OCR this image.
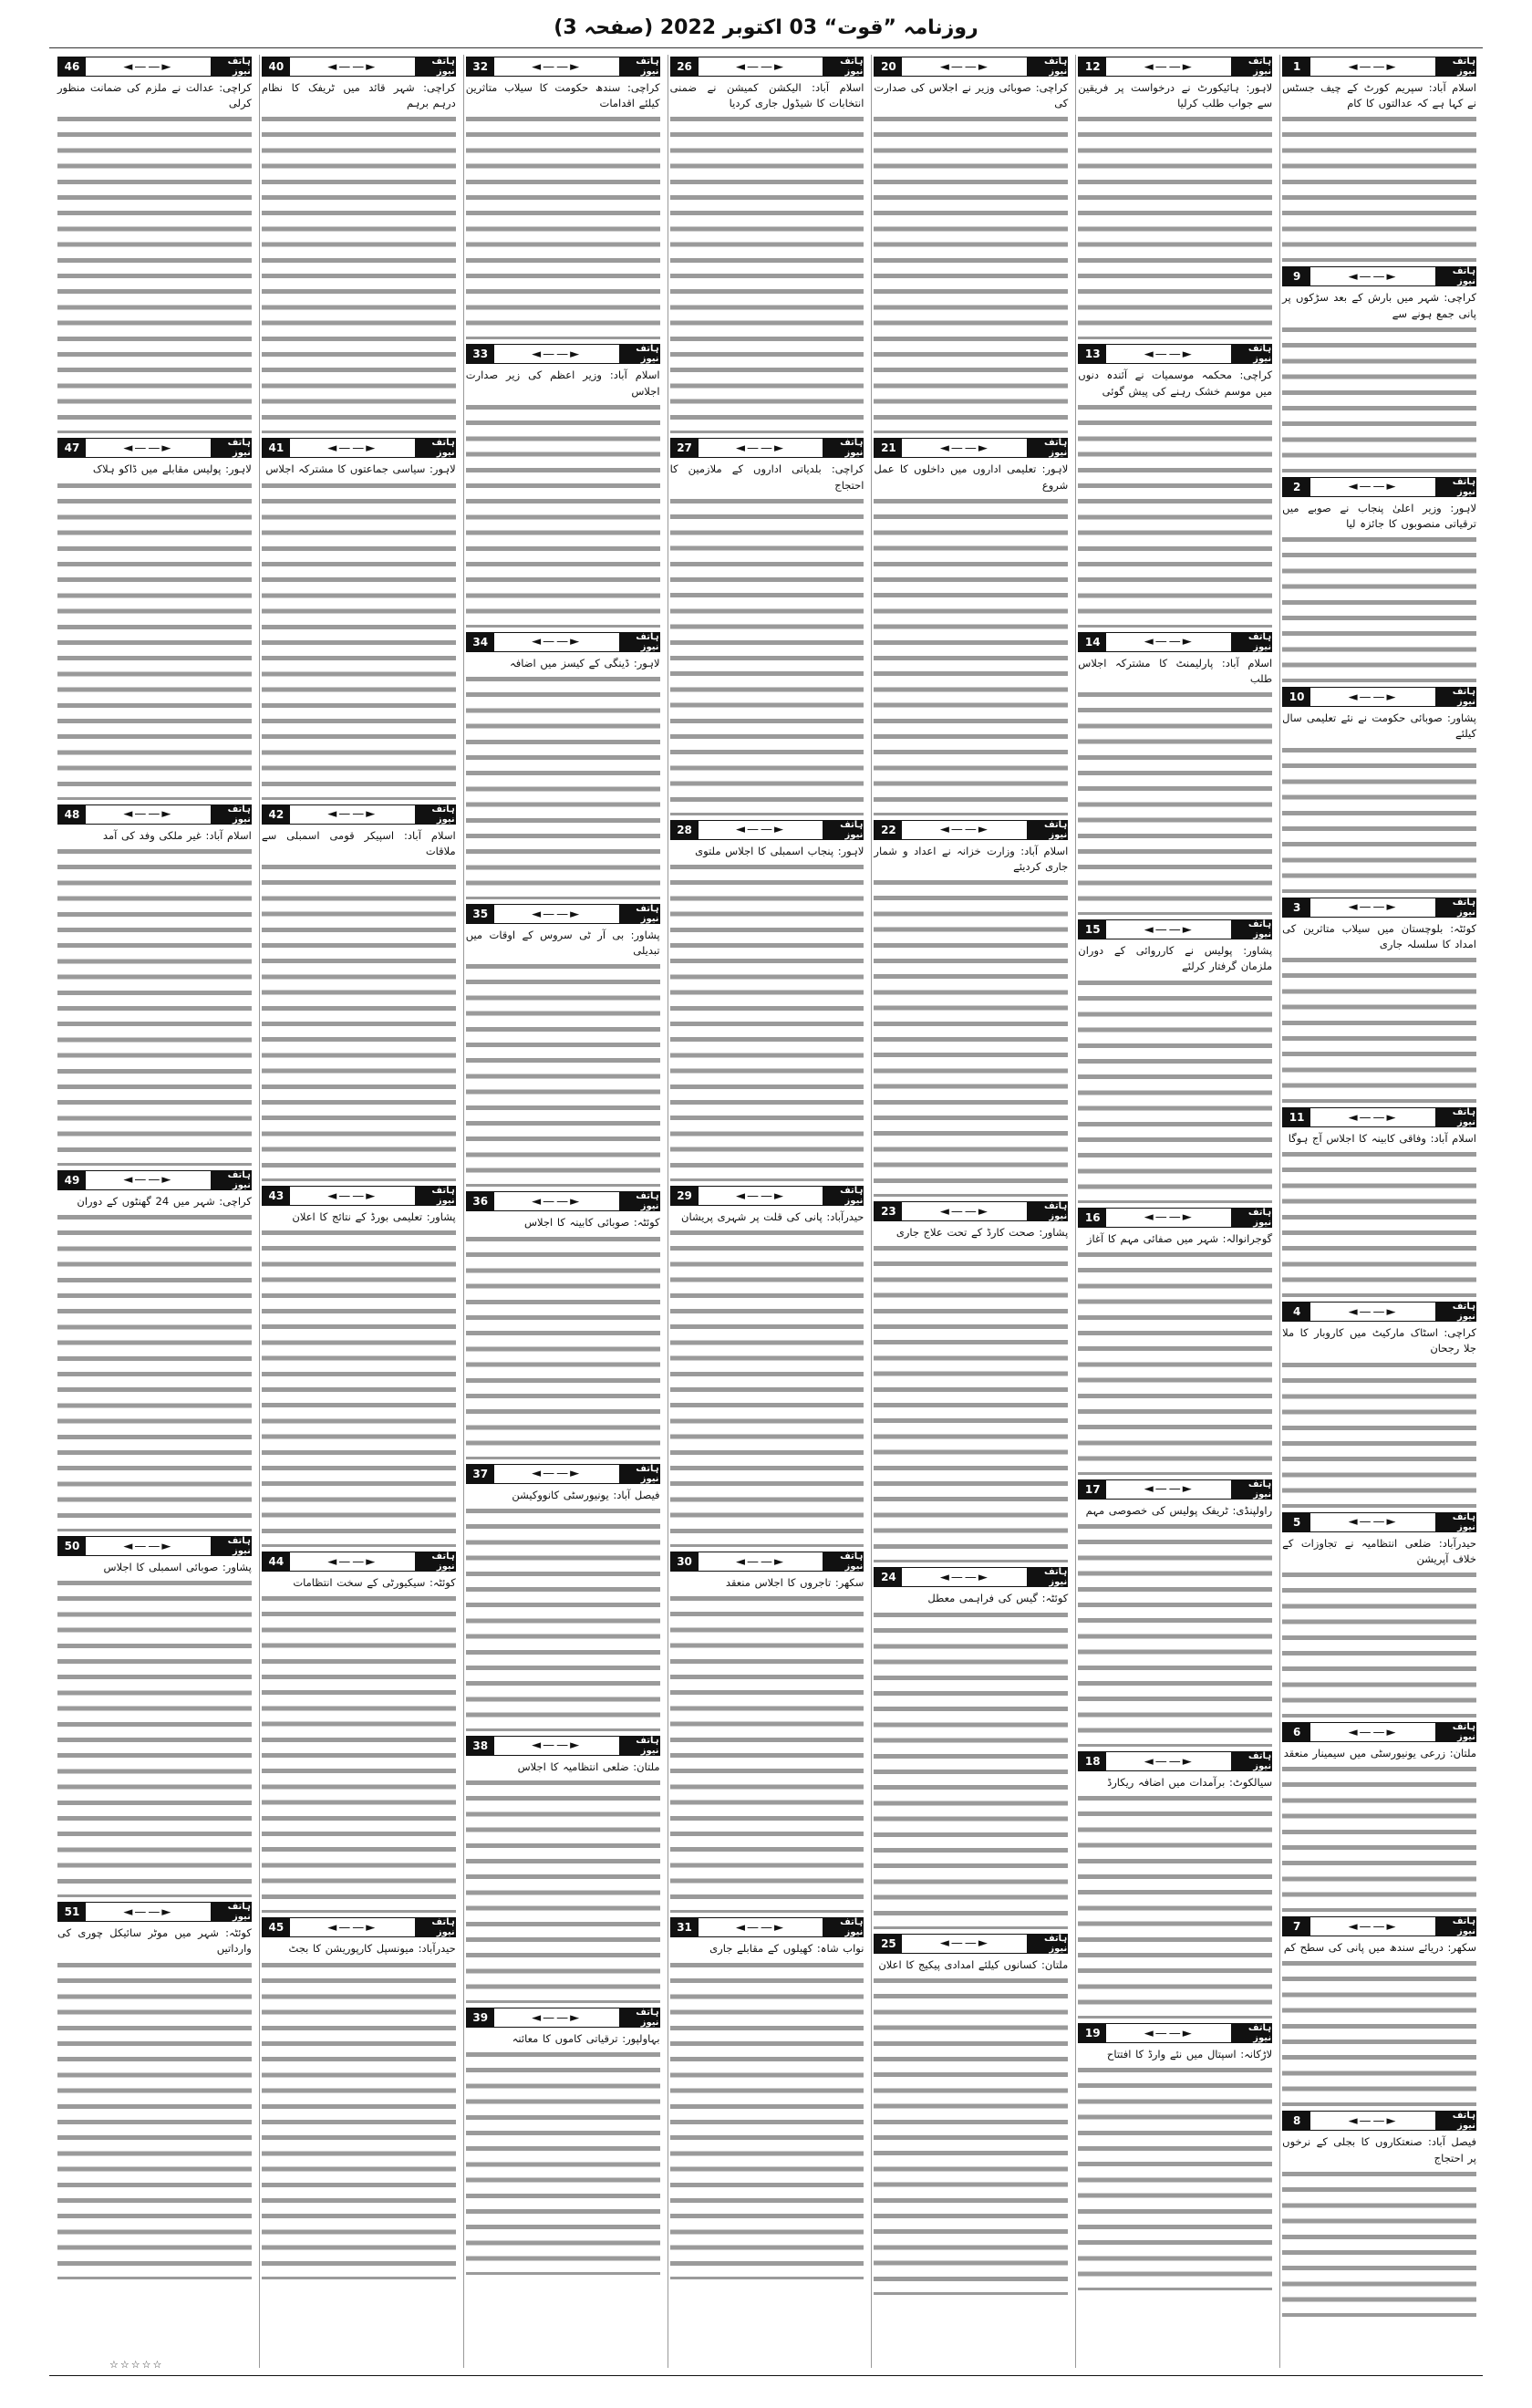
روزنامہ ”قوت“ 03 اکتوبر 2022 (صفحہ 3)
1	◄——►	ہاتف نیوز
اسلام آباد: سپریم کورٹ کے چیف جسٹس نے کہا ہے کہ عدالتوں کا کام
9	◄——►	ہاتف نیوز
کراچی: شہر میں بارش کے بعد سڑکوں پر پانی جمع ہونے سے
2	◄——►	ہاتف نیوز
لاہور: وزیر اعلیٰ پنجاب نے صوبے میں ترقیاتی منصوبوں کا جائزہ لیا
10	◄——►	ہاتف نیوز
پشاور: صوبائی حکومت نے نئے تعلیمی سال کیلئے
3	◄——►	ہاتف نیوز
کوئٹہ: بلوچستان میں سیلاب متاثرین کی امداد کا سلسلہ جاری
11	◄——►	ہاتف نیوز
اسلام آباد: وفاقی کابینہ کا اجلاس آج ہوگا
4	◄——►	ہاتف نیوز
کراچی: اسٹاک مارکیٹ میں کاروبار کا ملا جلا رجحان
5	◄——►	ہاتف نیوز
حیدرآباد: ضلعی انتظامیہ نے تجاوزات کے خلاف آپریشن
6	◄——►	ہاتف نیوز
ملتان: زرعی یونیورسٹی میں سیمینار منعقد
7	◄——►	ہاتف نیوز
سکھر: دریائے سندھ میں پانی کی سطح کم
8	◄——►	ہاتف نیوز
فیصل آباد: صنعتکاروں کا بجلی کے نرخوں پر احتجاج
12	◄——►	ہاتف نیوز
لاہور: ہائیکورٹ نے درخواست پر فریقین سے جواب طلب کرلیا
13	◄——►	ہاتف نیوز
کراچی: محکمہ موسمیات نے آئندہ دنوں میں موسم خشک رہنے کی پیش گوئی
14	◄——►	ہاتف نیوز
اسلام آباد: پارلیمنٹ کا مشترکہ اجلاس طلب
15	◄——►	ہاتف نیوز
پشاور: پولیس نے کارروائی کے دوران ملزمان گرفتار کرلئے
16	◄——►	ہاتف نیوز
گوجرانوالہ: شہر میں صفائی مہم کا آغاز
17	◄——►	ہاتف نیوز
راولپنڈی: ٹریفک پولیس کی خصوصی مہم
18	◄——►	ہاتف نیوز
سیالکوٹ: برآمدات میں اضافہ ریکارڈ
19	◄——►	ہاتف نیوز
لاڑکانہ: اسپتال میں نئے وارڈ کا افتتاح
20	◄——►	ہاتف نیوز
کراچی: صوبائی وزیر نے اجلاس کی صدارت کی
21	◄——►	ہاتف نیوز
لاہور: تعلیمی اداروں میں داخلوں کا عمل شروع
22	◄——►	ہاتف نیوز
اسلام آباد: وزارت خزانہ نے اعداد و شمار جاری کردیئے
23	◄——►	ہاتف نیوز
پشاور: صحت کارڈ کے تحت علاج جاری
24	◄——►	ہاتف نیوز
کوئٹہ: گیس کی فراہمی معطل
25	◄——►	ہاتف نیوز
ملتان: کسانوں کیلئے امدادی پیکیج کا اعلان
26	◄——►	ہاتف نیوز
اسلام آباد: الیکشن کمیشن نے ضمنی انتخابات کا شیڈول جاری کردیا
27	◄——►	ہاتف نیوز
کراچی: بلدیاتی اداروں کے ملازمین کا احتجاج
28	◄——►	ہاتف نیوز
لاہور: پنجاب اسمبلی کا اجلاس ملتوی
29	◄——►	ہاتف نیوز
حیدرآباد: پانی کی قلت پر شہری پریشان
30	◄——►	ہاتف نیوز
سکھر: تاجروں کا اجلاس منعقد
31	◄——►	ہاتف نیوز
نواب شاہ: کھیلوں کے مقابلے جاری
32	◄——►	ہاتف نیوز
کراچی: سندھ حکومت کا سیلاب متاثرین کیلئے اقدامات
33	◄——►	ہاتف نیوز
اسلام آباد: وزیر اعظم کی زیر صدارت اجلاس
34	◄——►	ہاتف نیوز
لاہور: ڈینگی کے کیسز میں اضافہ
35	◄——►	ہاتف نیوز
پشاور: بی آر ٹی سروس کے اوقات میں تبدیلی
36	◄——►	ہاتف نیوز
کوئٹہ: صوبائی کابینہ کا اجلاس
37	◄——►	ہاتف نیوز
فیصل آباد: یونیورسٹی کانووکیشن
38	◄——►	ہاتف نیوز
ملتان: ضلعی انتظامیہ کا اجلاس
39	◄——►	ہاتف نیوز
بہاولپور: ترقیاتی کاموں کا معائنہ
40	◄——►	ہاتف نیوز
کراچی: شہر قائد میں ٹریفک کا نظام درہم برہم
41	◄——►	ہاتف نیوز
لاہور: سیاسی جماعتوں کا مشترکہ اجلاس
42	◄——►	ہاتف نیوز
اسلام آباد: اسپیکر قومی اسمبلی سے ملاقات
43	◄——►	ہاتف نیوز
پشاور: تعلیمی بورڈ کے نتائج کا اعلان
44	◄——►	ہاتف نیوز
کوئٹہ: سیکیورٹی کے سخت انتظامات
45	◄——►	ہاتف نیوز
حیدرآباد: میونسپل کارپوریشن کا بجٹ
46	◄——►	ہاتف نیوز
کراچی: عدالت نے ملزم کی ضمانت منظور کرلی
47	◄——►	ہاتف نیوز
لاہور: پولیس مقابلے میں ڈاکو ہلاک
48	◄——►	ہاتف نیوز
اسلام آباد: غیر ملکی وفد کی آمد
49	◄——►	ہاتف نیوز
کراچی: شہر میں 24 گھنٹوں کے دوران
50	◄——►	ہاتف نیوز
پشاور: صوبائی اسمبلی کا اجلاس
51	◄——►	ہاتف نیوز
کوئٹہ: شہر میں موٹر سائیکل چوری کی وارداتیں
☆☆☆☆☆
